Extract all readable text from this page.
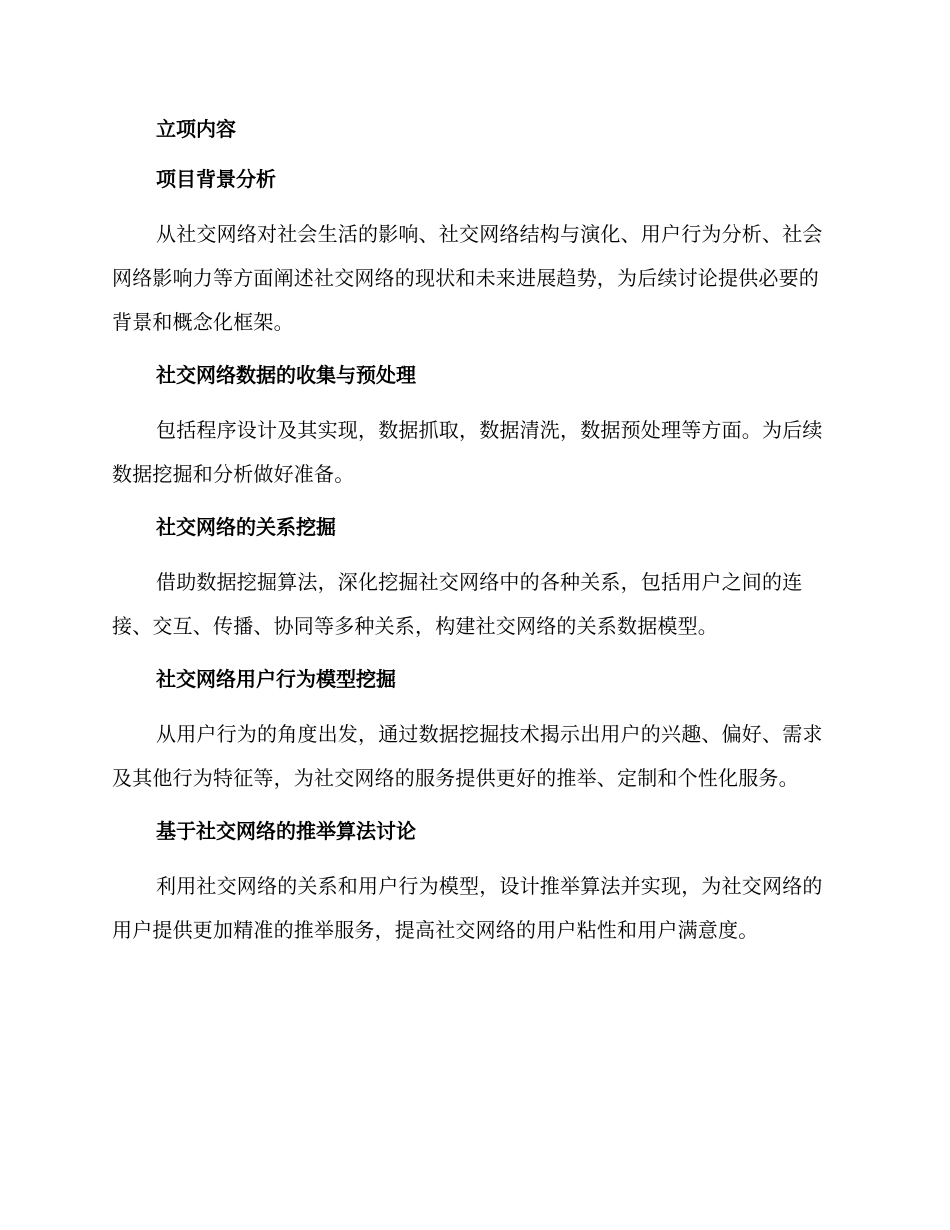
立项内容
项目背景分析
从社交网络对社会生活的影响、社交网络结构与演化、用户行为分析、社会网络影响力等方面阐述社交网络的现状和未来进展趋势，为后续讨论提供必要的背景和概念化框架。
社交网络数据的收集与预处理
包括程序设计及其实现，数据抓取，数据清洗，数据预处理等方面。为后续数据挖掘和分析做好准备。
社交网络的关系挖掘
借助数据挖掘算法，深化挖掘社交网络中的各种关系，包括用户之间的连接、交互、传播、协同等多种关系，构建社交网络的关系数据模型。
社交网络用户行为模型挖掘
从用户行为的角度出发，通过数据挖掘技术揭示出用户的兴趣、偏好、需求及其他行为特征等，为社交网络的服务提供更好的推举、定制和个性化服务。
基于社交网络的推举算法讨论
利用社交网络的关系和用户行为模型，设计推举算法并实现，为社交网络的用户提供更加精准的推举服务，提高社交网络的用户粘性和用户满意度。
